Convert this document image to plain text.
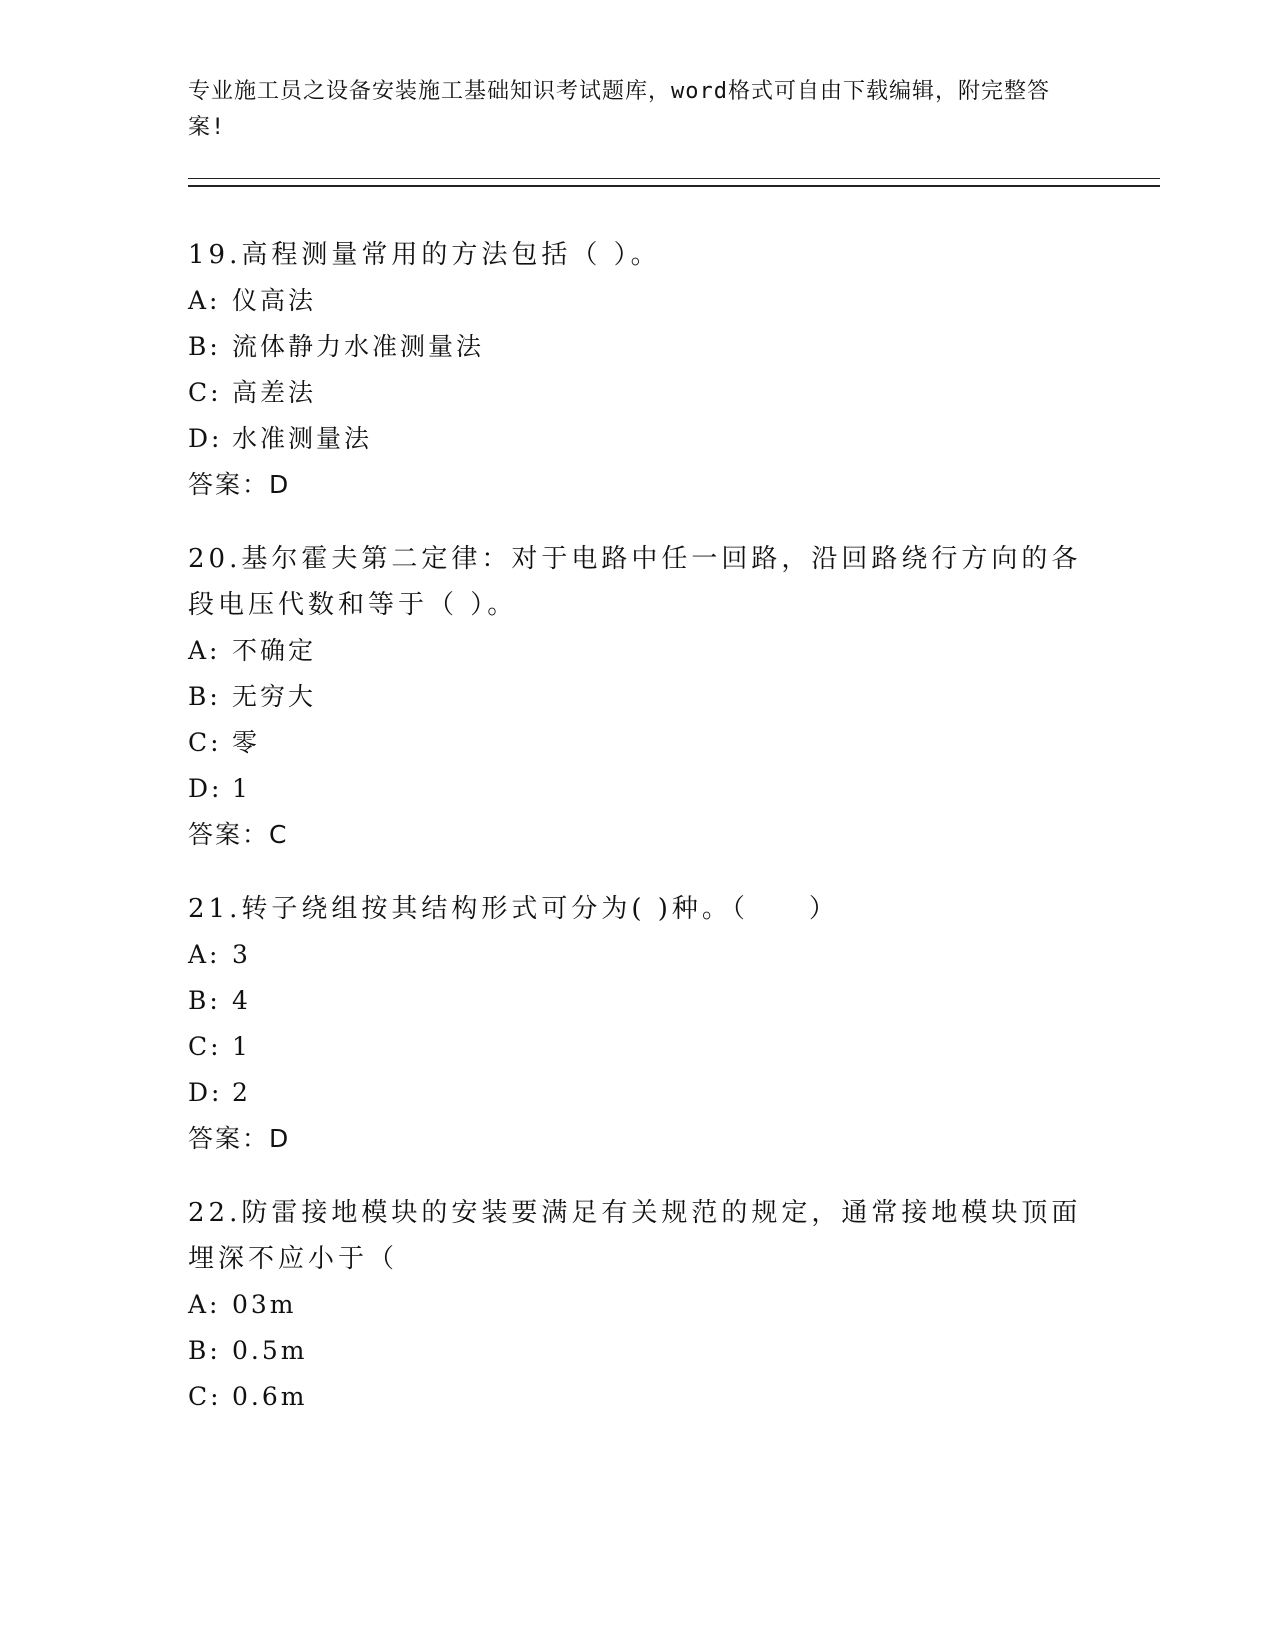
专业施工员之设备安装施工基础知识考试题库，word格式可自由下载编辑，附完整答案!
19.高程测量常用的方法包括（ ）。
A: 仪高法
B: 流体静力水准测量法
C: 高差法
D: 水准测量法
答案：D
20.基尔霍夫第二定律：对于电路中任一回路，沿回路绕行方向的各段电压代数和等于（ ）。
A: 不确定
B: 无穷大
C: 零
D: 1
答案：C
21.转子绕组按其结构形式可分为( )种。（　　）
A: 3
B: 4
C: 1
D: 2
答案：D
22.防雷接地模块的安装要满足有关规范的规定，通常接地模块顶面埋深不应小于（
A: 03m
B: 0.5m
C: 0.6m
